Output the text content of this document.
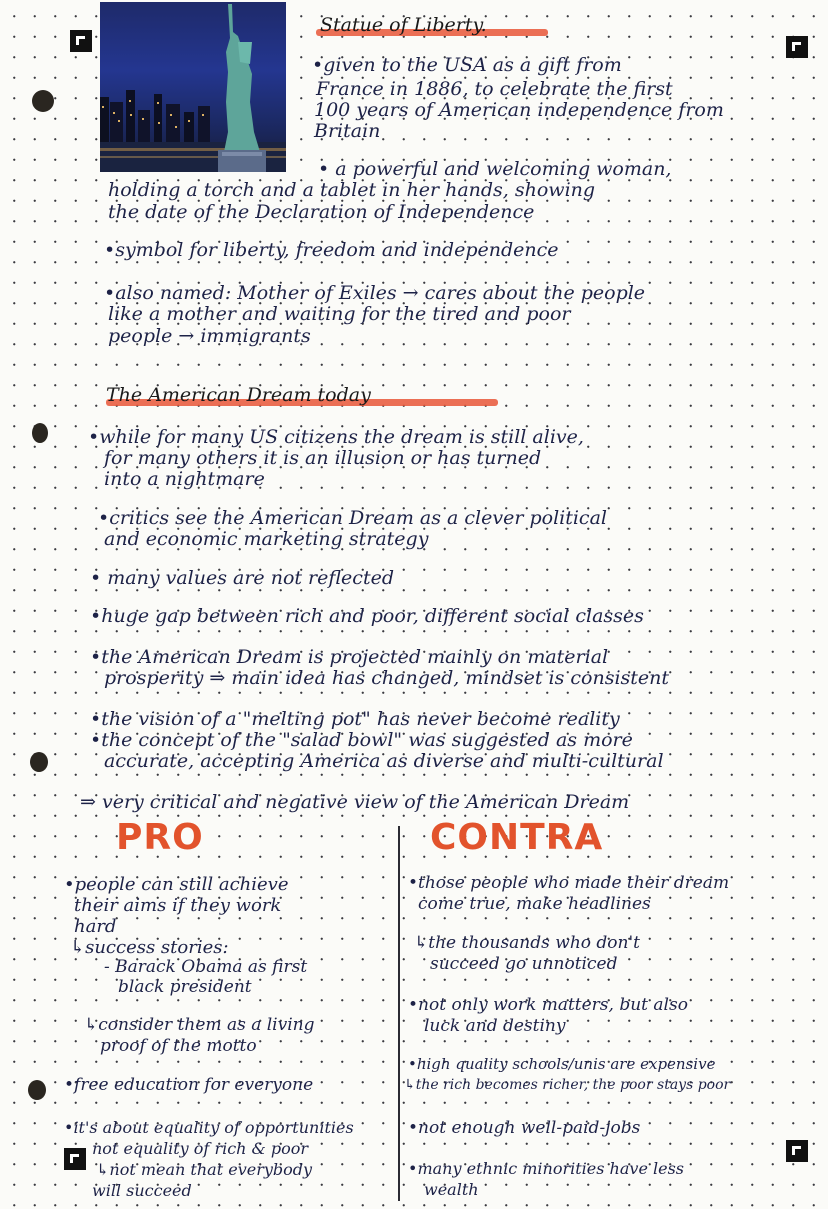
Statue of Liberty.
•given to the USA as a gift from
France in 1886, to celebrate the first
100 years of American independence from
Britain
• a powerful and welcoming woman,
holding a torch and a tablet in her hands, showing
the date of the Declaration of Independence
•symbol for liberty, freedom and independence
•also named: Mother of Exiles → cares about the people
like a mother and waiting for the tired and poor
people → immigrants
The American Dream today
•while for many US citizens the dream is still alive,
for many others it is an illusion or has turned
into a nightmare
•critics see the American Dream as a clever political
and economic marketing strategy
• many values are not reflected
•huge gap between rich and poor, different social classes
•the American Dream is projected mainly on material
prosperity ⇒ main idea has changed, mindset is consistent
•the vision of a "melting pot" has never become reality
•the concept of the "salad bowl" was suggested as more
accurate, accepting America as diverse and multi-cultural
⇒ very critical and negative view of the American Dream
PRO	CONTRA
•people can still achieve
their aims if they work
hard
↳success stories:
- Barack Obama as first
black president
↳consider them as a living
proof of the motto
•free education for everyone
•it's about equality of opportunities
not equality of rich & poor
↳not mean that everybody
will succeed
•those people who made their dream
come true, make headlines
↳the thousands who don't
succeed go unnoticed
•not only work matters, but also
luck and destiny
•high quality schools/unis are expensive
↳the rich becomes richer, the poor stays poor
•not enough well-paid-jobs
•many ethnic minorities have less
wealth
